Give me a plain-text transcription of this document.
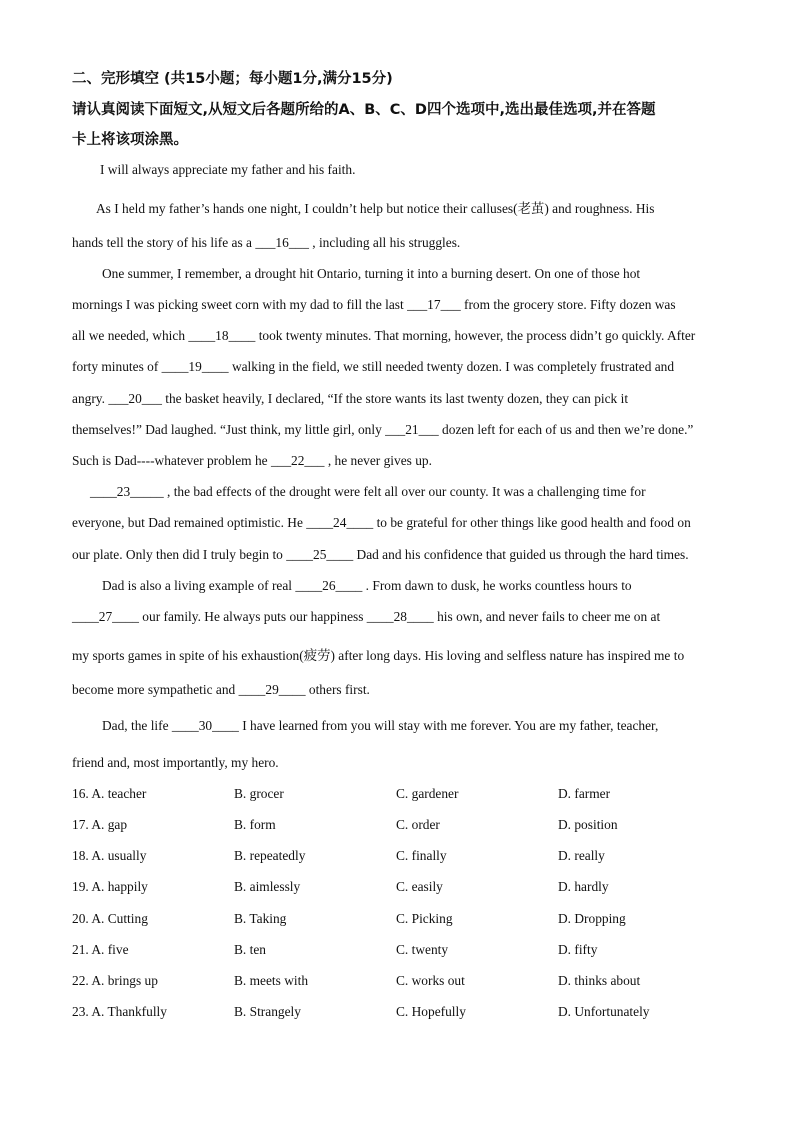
二、完形填空 (共15小题；每小题1分,满分15分)
请认真阅读下面短文,从短文后各题所给的A、B、C、D四个选项中,选出最佳选项,并在答题
卡上将该项涂黑。
I will always appreciate my father and his faith.
As I held my father’s hands one night, I couldn’t help but notice their calluses(老茧) and roughness. His
hands tell the story of his life as a ___16___ , including all his struggles.
One summer, I remember, a drought hit Ontario, turning it into a burning desert. On one of those hot
mornings I was picking sweet corn with my dad to fill the last ___17___ from the grocery store. Fifty dozen was
all we needed, which ____18____ took twenty minutes. That morning, however, the process didn’t go quickly. After
forty minutes of ____19____ walking in the field, we still needed twenty dozen. I was completely frustrated and
angry. ___20___ the basket heavily, I declared, “If the store wants its last twenty dozen, they can pick it
themselves!” Dad laughed. “Just think, my little girl, only ___21___ dozen left for each of us and then we’re done.”
Such is Dad----whatever problem he ___22___ , he never gives up.
____23_____ , the bad effects of the drought were felt all over our county. It was a challenging time for
everyone, but Dad remained optimistic. He ____24____ to be grateful for other things like good health and food on
our plate. Only then did I truly begin to ____25____ Dad and his confidence that guided us through the hard times.
Dad is also a living example of real ____26____ . From dawn to dusk, he works countless hours to
____27____ our family. He always puts our happiness ____28____ his own, and never fails to cheer me on at
my sports games in spite of his exhaustion(疲劳) after long days. His loving and selfless nature has inspired me to
become more sympathetic and ____29____ others first.
Dad, the life ____30____ I have learned from you will stay with me forever. You are my father, teacher,
friend and, most importantly, my hero.
16. A. teacher	B. grocer	C. gardener	D. farmer
17. A. gap	B. form	C. order	D. position
18. A. usually	B. repeatedly	C. finally	D. really
19. A. happily	B. aimlessly	C. easily	D. hardly
20. A. Cutting	B. Taking	C. Picking	D. Dropping
21. A. five	B. ten	C. twenty	D. fifty
22. A. brings up	B. meets with	C. works out	D. thinks about
23. A. Thankfully	B. Strangely	C. Hopefully	D. Unfortunately
